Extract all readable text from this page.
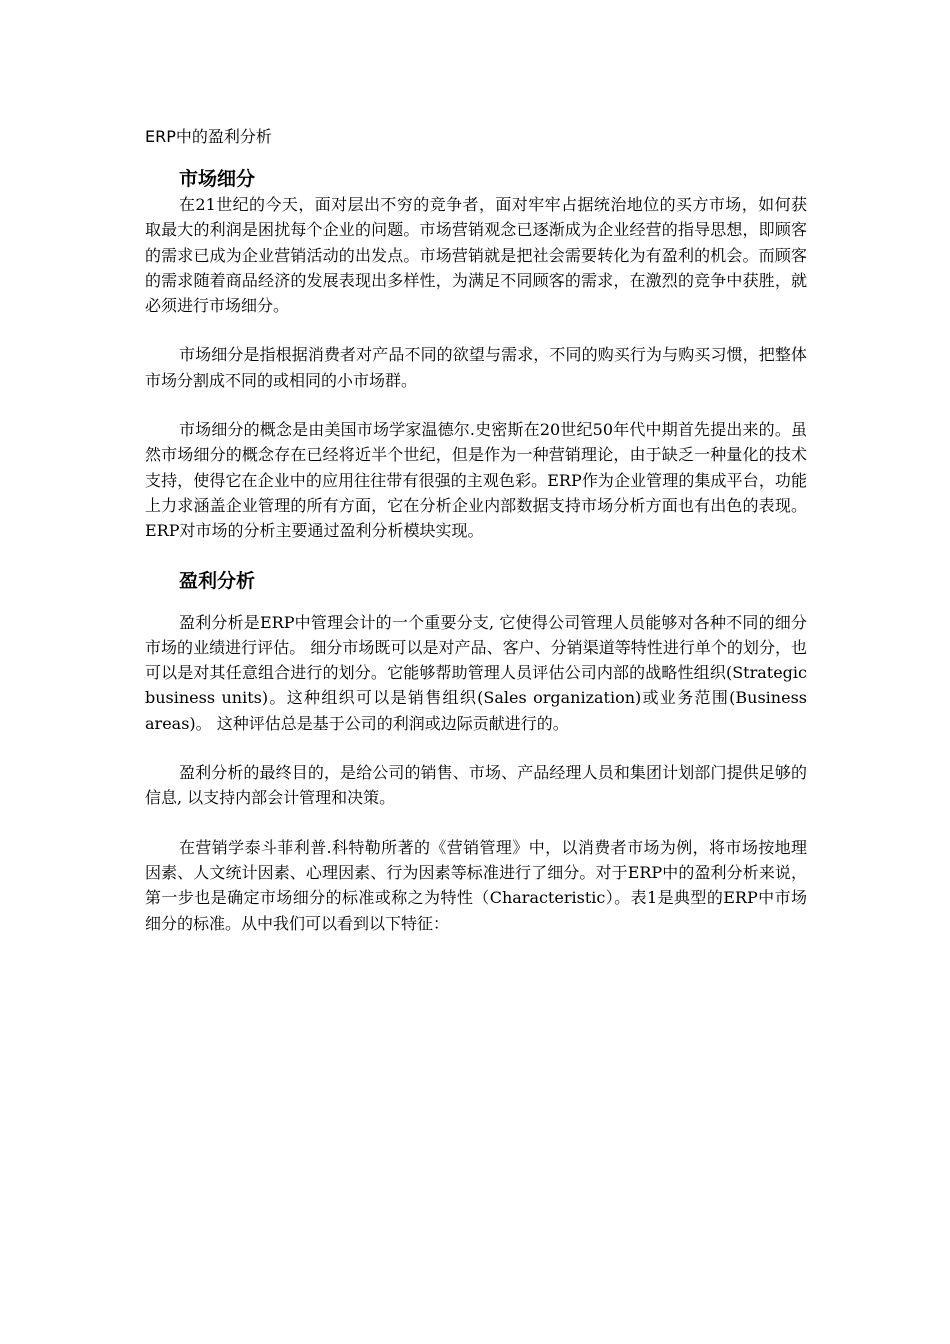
ERP中的盈利分析
市场细分

在21世纪的今天，面对层出不穷的竞争者，面对牢牢占据统治地位的买方市场，如何获取最大的利润是困扰每个企业的问题。市场营销观念已逐渐成为企业经营的指导思想，即顾客的需求已成为企业营销活动的出发点。市场营销就是把社会需要转化为有盈利的机会。而顾客的需求随着商品经济的发展表现出多样性，为满足不同顾客的需求，在激烈的竞争中获胜，就必须进行市场细分。

市场细分是指根据消费者对产品不同的欲望与需求，不同的购买行为与购买习惯，把整体市场分割成不同的或相同的小市场群。

市场细分的概念是由美国市场学家温德尔.史密斯在20世纪50年代中期首先提出来的。虽然市场细分的概念存在已经将近半个世纪，但是作为一种营销理论，由于缺乏一种量化的技术支持，使得它在企业中的应用往往带有很强的主观色彩。ERP作为企业管理的集成平台，功能上力求涵盖企业管理的所有方面，它在分析企业内部数据支持市场分析方面也有出色的表现。ERP对市场的分析主要通过盈利分析模块实现。

盈利分析

盈利分析是ERP中管理会计的一个重要分支, 它使得公司管理人员能够对各种不同的细分市场的业绩进行评估。 细分市场既可以是对产品、客户、分销渠道等特性进行单个的划分，也可以是对其任意组合进行的划分。它能够帮助管理人员评估公司内部的战略性组织(Strategic business units)。这种组织可以是销售组织(Sales organization)或业务范围(Business areas)。 这种评估总是基于公司的利润或边际贡献进行的。

盈利分析的最终目的，是给公司的销售、市场、产品经理人员和集团计划部门提供足够的信息, 以支持内部会计管理和决策。

在营销学泰斗菲利普.科特勒所著的《营销管理》中，以消费者市场为例，将市场按地理因素、人文统计因素、心理因素、行为因素等标准进行了细分。对于ERP中的盈利分析来说，第一步也是确定市场细分的标准或称之为特性（Characteristic）。表1是典型的ERP中市场细分的标准。从中我们可以看到以下特征：
